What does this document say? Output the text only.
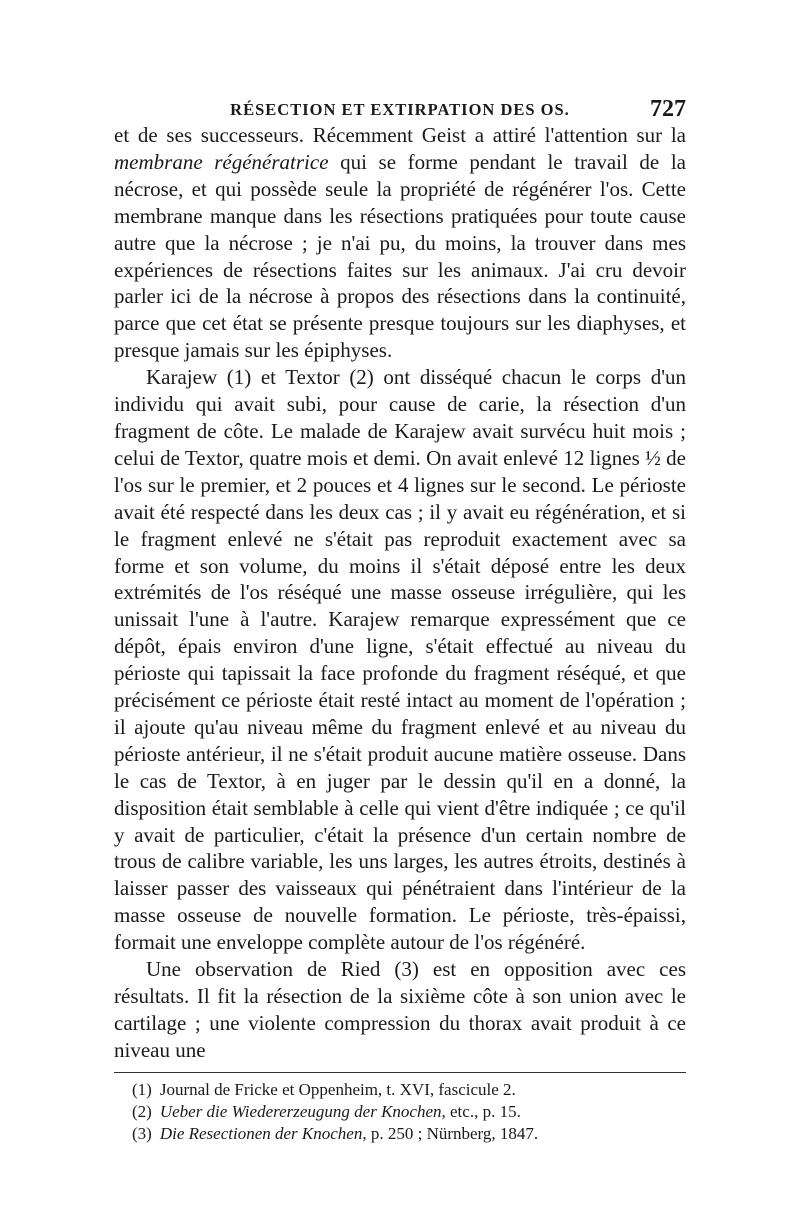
RÉSECTION ET EXTIRPATION DES OS.	727

et de ses successeurs. Récemment Geist a attiré l'attention sur la membrane régénératrice qui se forme pendant le travail de la nécrose, et qui possède seule la propriété de régénérer l'os. Cette membrane manque dans les résections pratiquées pour toute cause autre que la nécrose ; je n'ai pu, du moins, la trouver dans mes expériences de résections faites sur les animaux. J'ai cru devoir parler ici de la nécrose à propos des résections dans la continuité, parce que cet état se présente presque toujours sur les diaphyses, et presque jamais sur les épiphyses.

Karajew (1) et Textor (2) ont disséqué chacun le corps d'un individu qui avait subi, pour cause de carie, la résection d'un fragment de côte. Le malade de Karajew avait survécu huit mois ; celui de Textor, quatre mois et demi. On avait enlevé 12 lignes ½ de l'os sur le premier, et 2 pouces et 4 lignes sur le second. Le périoste avait été respecté dans les deux cas ; il y avait eu régénération, et si le fragment enlevé ne s'était pas reproduit exactement avec sa forme et son volume, du moins il s'était déposé entre les deux extrémités de l'os réséqué une masse osseuse irrégulière, qui les unissait l'une à l'autre. Karajew remarque expressément que ce dépôt, épais environ d'une ligne, s'était effectué au niveau du périoste qui tapissait la face profonde du fragment réséqué, et que précisément ce périoste était resté intact au moment de l'opération ; il ajoute qu'au niveau même du fragment enlevé et au niveau du périoste antérieur, il ne s'était produit aucune matière osseuse. Dans le cas de Textor, à en juger par le dessin qu'il en a donné, la disposition était semblable à celle qui vient d'être indiquée ; ce qu'il y avait de particulier, c'était la présence d'un certain nombre de trous de calibre variable, les uns larges, les autres étroits, destinés à laisser passer des vaisseaux qui pénétraient dans l'intérieur de la masse osseuse de nouvelle formation. Le périoste, très-épaissi, formait une enveloppe complète autour de l'os régénéré.

Une observation de Ried (3) est en opposition avec ces résultats. Il fit la résection de la sixième côte à son union avec le cartilage ; une violente compression du thorax avait produit à ce niveau une

(1) Journal de Fricke et Oppenheim, t. XVI, fascicule 2.
(2) Ueber die Wiedererzeugung der Knochen, etc., p. 15.
(3) Die Resectionen der Knochen, p. 250 ; Nürnberg, 1847.
